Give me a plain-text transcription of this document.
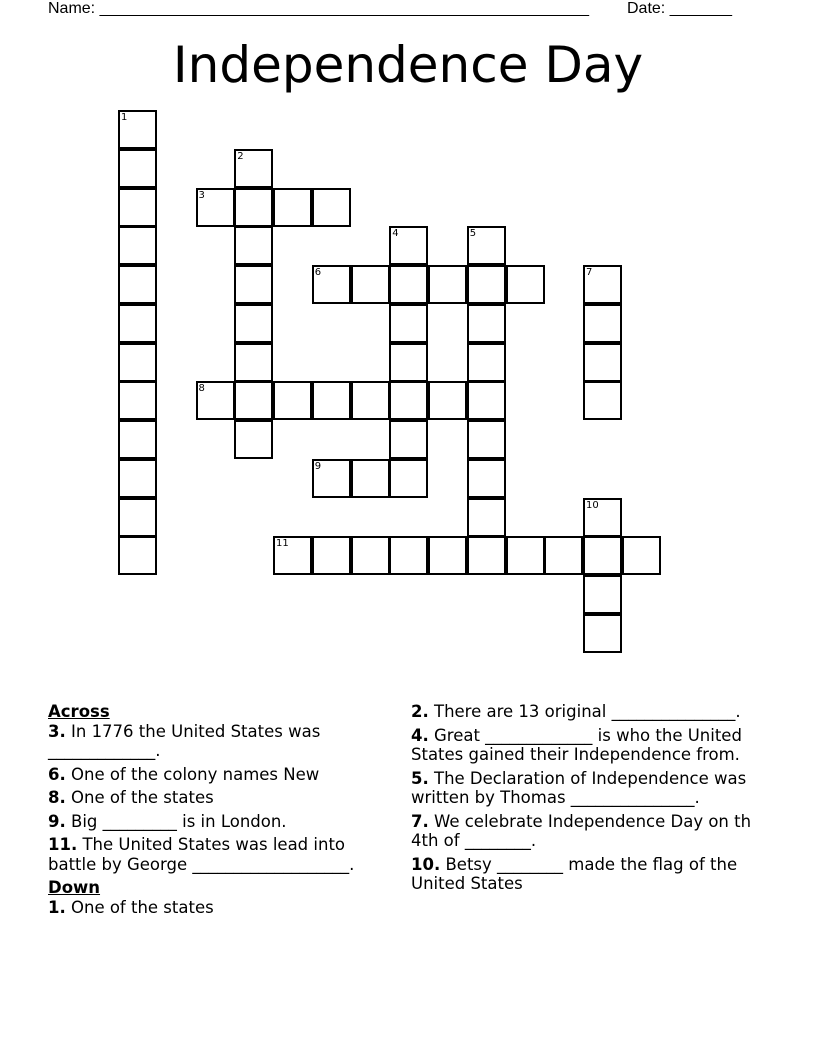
Name: _______________________________________________________ Date: _______
Independence Day
1
2
3
4	5
6	7
8
9
10
11
Across
3. In 1776 the United States was _____________.
6. One of the colony names New
8. One of the states
9. Big _________ is in London.
11. The United States was lead into battle by George ___________________.
Down
1. One of the states
2. There are 13 original _______________.
4. Great _____________ is who the United States gained their Independence from.
5. The Declaration of Independence was written by Thomas _______________.
7. We celebrate Independence Day on th 4th of ________.
10. Betsy ________ made the flag of the United States
